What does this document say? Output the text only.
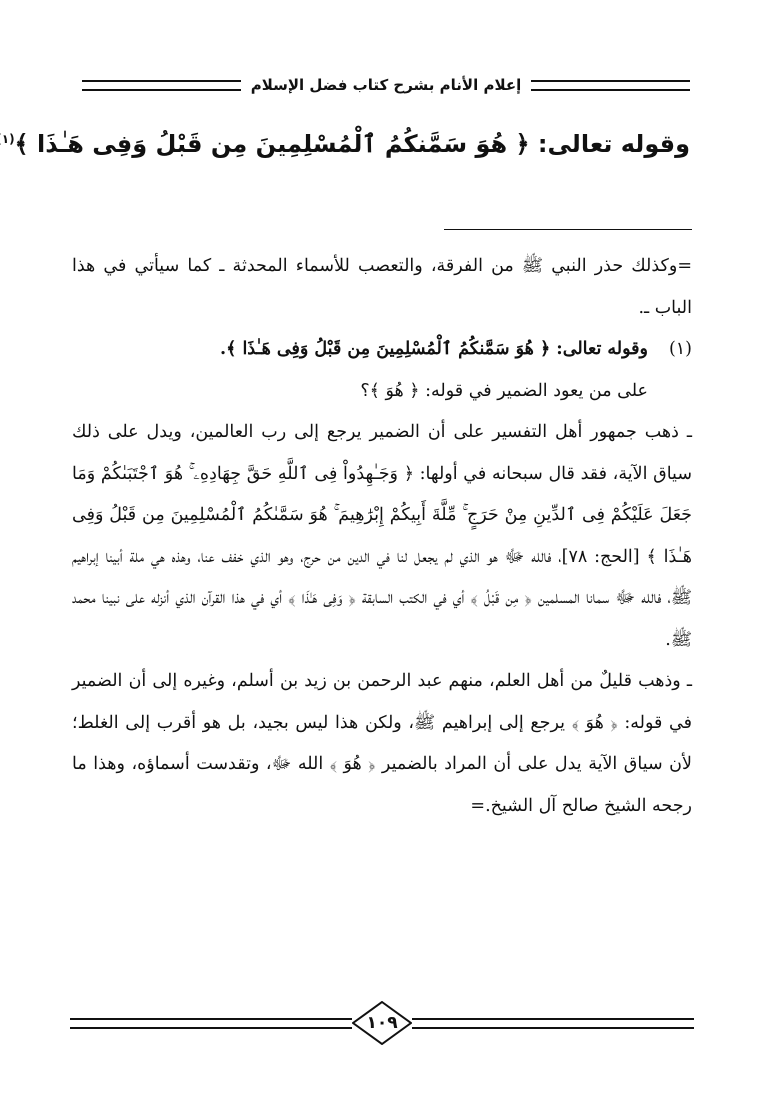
إعلام الأنام بشرح كتاب فضل الإسلام
وقوله تعالى: ﴿ هُوَ سَمَّنكُمُ ٱلْمُسْلِمِينَ مِن قَبْلُ وَفِى هَـٰذَا ﴾$^{(١}$

=وكذلك حذر النبي ﷺ من الفرقة، والتعصب للأسماء المحدثة ـ كما سيأتي في هذا الباب ـ.

(١)وقوله تعالى: ﴿ هُوَ سَمَّنكُمُ ٱلْمُسْلِمِينَ مِن قَبْلُ وَفِى هَـٰذَا ﴾.

على من يعود الضمير في قوله: ﴿ هُوَ ﴾؟

ـ ذهب جمهور أهل التفسير على أن الضمير يرجع إلى رب العالمين، ويدل على ذلك سياق الآية، فقد قال سبحانه في أولها: ﴿ وَجَـٰهِدُواْ فِى ٱللَّهِ حَقَّ جِهَادِهِۦ ۚ هُوَ ٱجْتَبَىٰكُمْ وَمَا جَعَلَ عَلَيْكُمْ فِى ٱلدِّينِ مِنْ حَرَجٍ ۚ مِّلَّةَ أَبِيكُمْ إِبْرَٰهِيمَ ۚ هُوَ سَمَّىٰكُمُ ٱلْمُسْلِمِينَ مِن قَبْلُ وَفِى هَـٰذَا ﴾ [الحج: ٧٨]، فالله ﷻ هو الذي لم يجعل لنا في الدين من حرج، وهو الذي خفف عنا، وهذه هي ملة أبينا إبراهيم ﷺ، فالله ﷻ سمانا المسلمين ﴿ مِن قَبْلُ ﴾ أي في الكتب السابقة ﴿ وَفِى هَـٰذَا ﴾ أي في هذا القرآن الذي أنزله على نبينا محمد ﷺ.

ـ وذهب قليلٌ من أهل العلم، منهم عبد الرحمن بن زيد بن أسلم، وغيره إلى أن الضمير في قوله: ﴿ هُوَ ﴾ يرجع إلى إبراهيم ﷺ، ولكن هذا ليس بجيد، بل هو أقرب إلى الغلط؛ لأن سياق الآية يدل على أن المراد بالضمير ﴿ هُوَ ﴾ الله ﷻ، وتقدست أسماؤه، وهذا ما رجحه الشيخ صالح آل الشيخ.=

١٠٩
